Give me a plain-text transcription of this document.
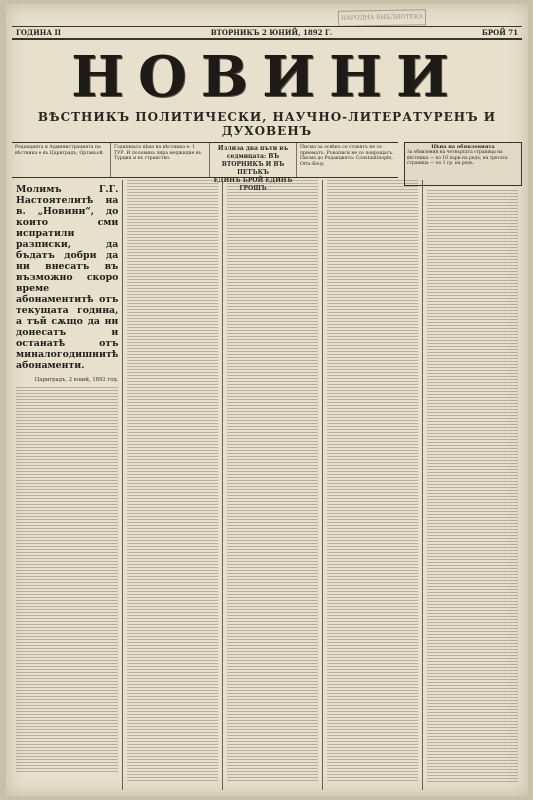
НАРОДНА БИБЛИОТЕКА
ГОДИНА II	ВТОРНИКЪ 2 ЮНИЙ, 1892 Г.	БРОЙ 71
НОВИНИ
ВѢСТНИКЪ ПОЛИТИЧЕСКИ, НАУЧНО-ЛИТЕРАТУРЕНЪ И ДУХОВЕНЪ
Редакцията и Администрацията на вѣстника е въ Цариградъ, Ортакьой.
Годишната цѣна на вѣстника е: 1 ТУР. И половина лира меджидие въ Турция и въ странство.
Излиза два пъти въ седмицата: ВЪ ВТОРНИКЪ И ВЪ ПЕТЪКЪ
ЕДИНЪ БРОЙ ЕДИНЪ ГРОШЪ
Писма за освѣнъ се ставятъ не се приематъ. Ръкописи не се повръщатъ. Писма до Редакцията: Constantinople, Orta-Keuy.
Цѣна на обявленията
За обявления на четвъртата страница на вѣстника — по 10 пари на редъ; на третата страница — по 1 гр. на редъ.
Молимъ Г.Г. Настоятелитѣ на в. „Новини“, до които сми испратили разписки, да бъдатъ добри да ни внесатъ въ възможно скоро време абонаментитѣ отъ текущата година, а тъй сѫщо да ни донесатъ и останатѣ отъ миналогодишнитѣ абонаменти.
Цариградъ, 2 юний, 1892 год.
